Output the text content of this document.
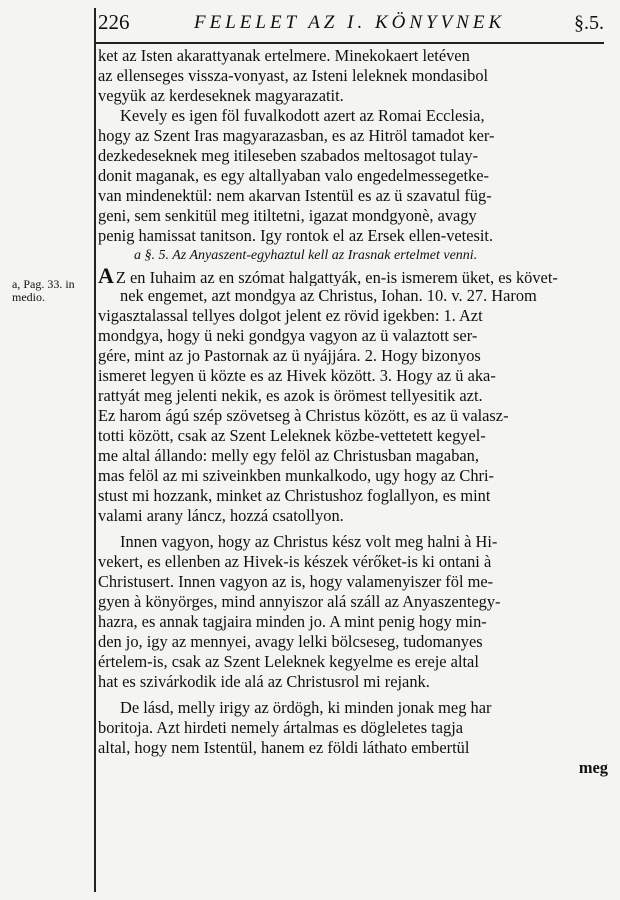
226	FELELET AZ I. KÖNYVNEK	§.5.
a, Pag. 33. in medio.
ket az Isten akarattyanak ertelmere. Minekokaert letéven
az ellenseges vissza-vonyast, az Isteni leleknek mondasibol
vegyük az kerdeseknek magyarazatit.
Kevely es igen föl fuvalkodott azert az Romai Ecclesia,
hogy az Szent Iras magyarazasban, es az Hitröl tamadot ker-
dezkedeseknek meg itileseben szabados meltosagot tulay-
donit maganak, es egy altallyaban valo engedelmessegetke-
van mindenektül: nem akarvan Istentül es az ü szavatul füg-
geni, sem senkitül meg itiltetni, igazat mondgyonè, avagy
penig hamissat tanitson. Igy rontok el az Ersek ellen-vetesit.
a §. 5. Az Anyaszent-egyhaztul kell az Irasnak ertelmet venni.
A Z en Iuhaim az en szómat halgattyák, en-is ismerem üket, es követ-
nek engemet, azt mondgya az Christus, Iohan. 10. v. 27. Harom
vigasztalassal tellyes dolgot jelent ez rövid igekben: 1. Azt
mondgya, hogy ü neki gondgya vagyon az ü valaztott ser-
gére, mint az jo Pastornak az ü nyájjára. 2. Hogy bizonyos
ismeret legyen ü közte es az Hivek között. 3. Hogy az ü aka-
rattyát meg jelenti nekik, es azok is örömest tellyesitik azt.
Ez harom ágú szép szövetseg à Christus között, es az ü valasz-
totti között, csak az Szent Leleknek közbe-vettetett kegyel-
me altal állando: melly egy felöl az Christusban magaban,
mas felöl az mi sziveinkben munkalkodo, ugy hogy az Chri-
stust mi hozzank, minket az Christushoz foglallyon, es mint
valami arany láncz, hozzá csatollyon.
Innen vagyon, hogy az Christus kész volt meg halni à Hi-
vekert, es ellenben az Hivek-is készek vérőket-is ki ontani à
Christusert. Innen vagyon az is, hogy valamenyiszer föl me-
gyen à könyörges, mind annyiszor alá száll az Anyaszentegy-
hazra, es annak tagjaira minden jo. A mint penig hogy min-
den jo, igy az mennyei, avagy lelki bölcseseg, tudomanyes
értelem-is, csak az Szent Leleknek kegyelme es ereje altal
hat es szivárkodik ide alá az Christusrol mi rejank.
De lásd, melly irigy az ördögh, ki minden jonak meg har
boritoja. Azt hirdeti nemely ártalmas es dögleletes tagja
altal, hogy nem Istentül, hanem ez földi láthato embertül
meg
